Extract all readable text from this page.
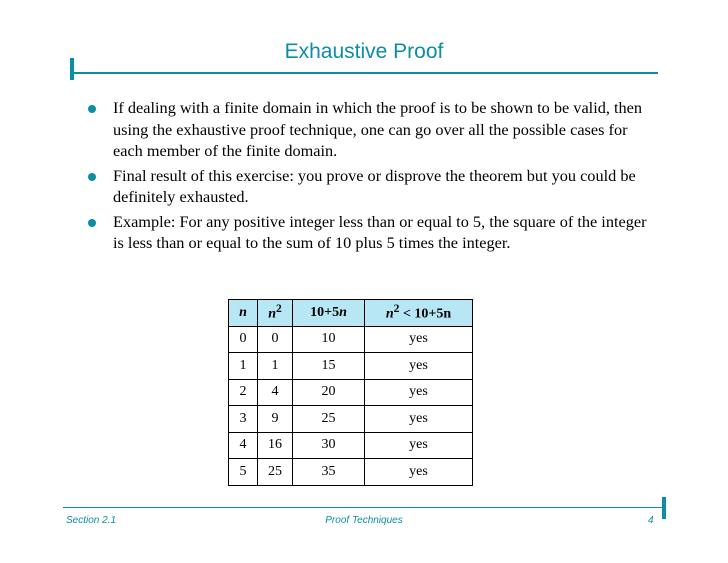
Exhaustive Proof
If dealing with a finite domain in which the proof is to be shown to be valid, then using the exhaustive proof technique, one can go over all the possible cases for each member of the finite domain.
Final result of this exercise: you prove or disprove the theorem but you could be definitely exhausted.
Example: For any positive integer less than or equal to 5, the square of the integer is less than or equal to the sum of 10 plus 5 times the integer.
n	$n^2$	10+5n	$n^2 < 10+5n$
0	0	10	yes
1	1	15	yes
2	4	20	yes
3	9	25	yes
4	16	30	yes
5	25	35	yes
Section 2.1	Proof Techniques	4
